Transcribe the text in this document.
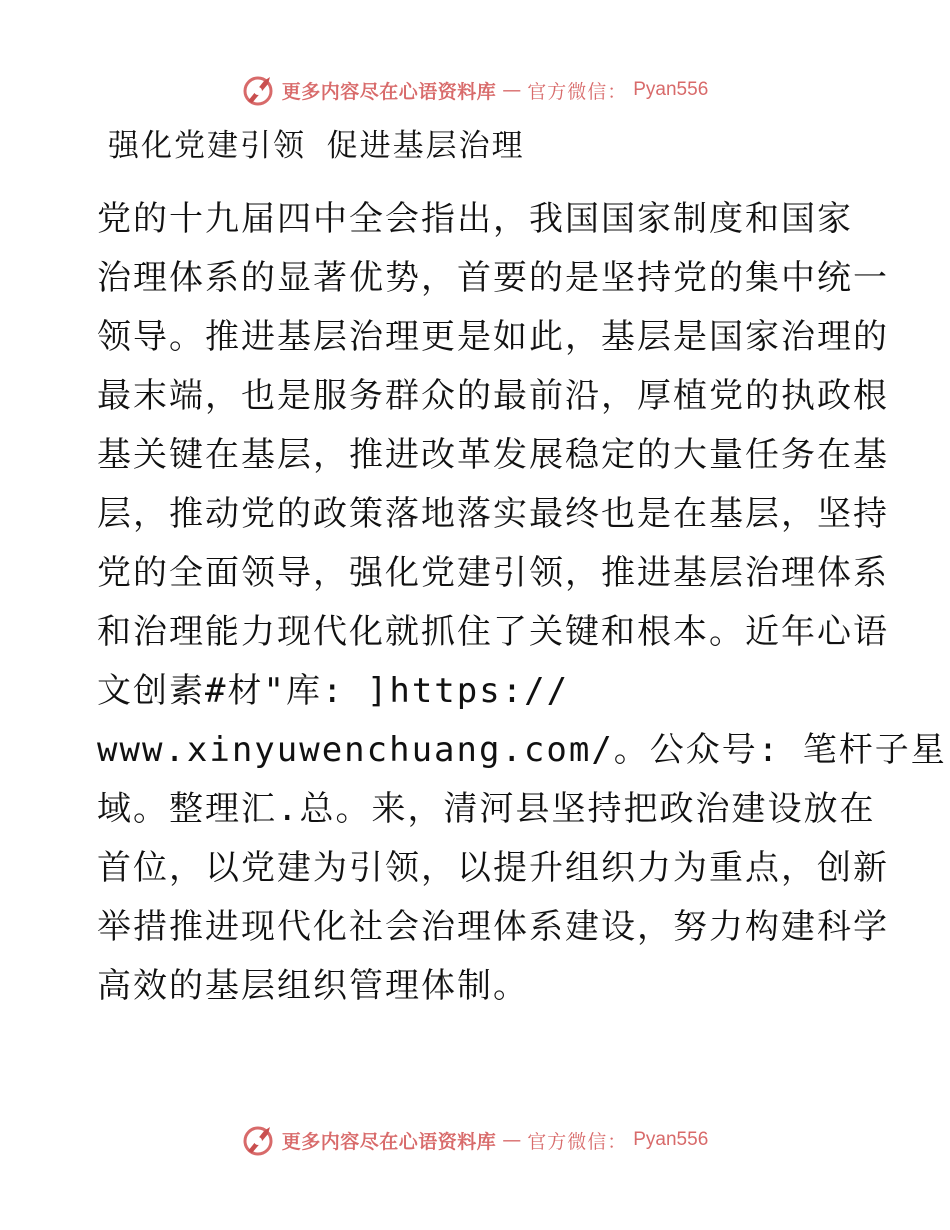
更多内容尽在心语资料库 — 官方微信： Pyan556
强化党建引领 促进基层治理
党的十九届四中全会指出，我国国家制度和国家
治理体系的显著优势，首要的是坚持党的集中统一
领导。推进基层治理更是如此，基层是国家治理的
最末端，也是服务群众的最前沿，厚植党的执政根
基关键在基层，推进改革发展稳定的大量任务在基
层，推动党的政策落地落实最终也是在基层，坚持
党的全面领导，强化党建引领，推进基层治理体系
和治理能力现代化就抓住了关键和根本。近年心语
文创素#材"库: ]https://
www.xinyuwenchuang.com/。公众号: 笔杆子星
域。整理汇.总。来，清河县坚持把政治建设放在
首位，以党建为引领，以提升组织力为重点，创新
举措推进现代化社会治理体系建设，努力构建科学
高效的基层组织管理体制。
更多内容尽在心语资料库 — 官方微信： Pyan556
